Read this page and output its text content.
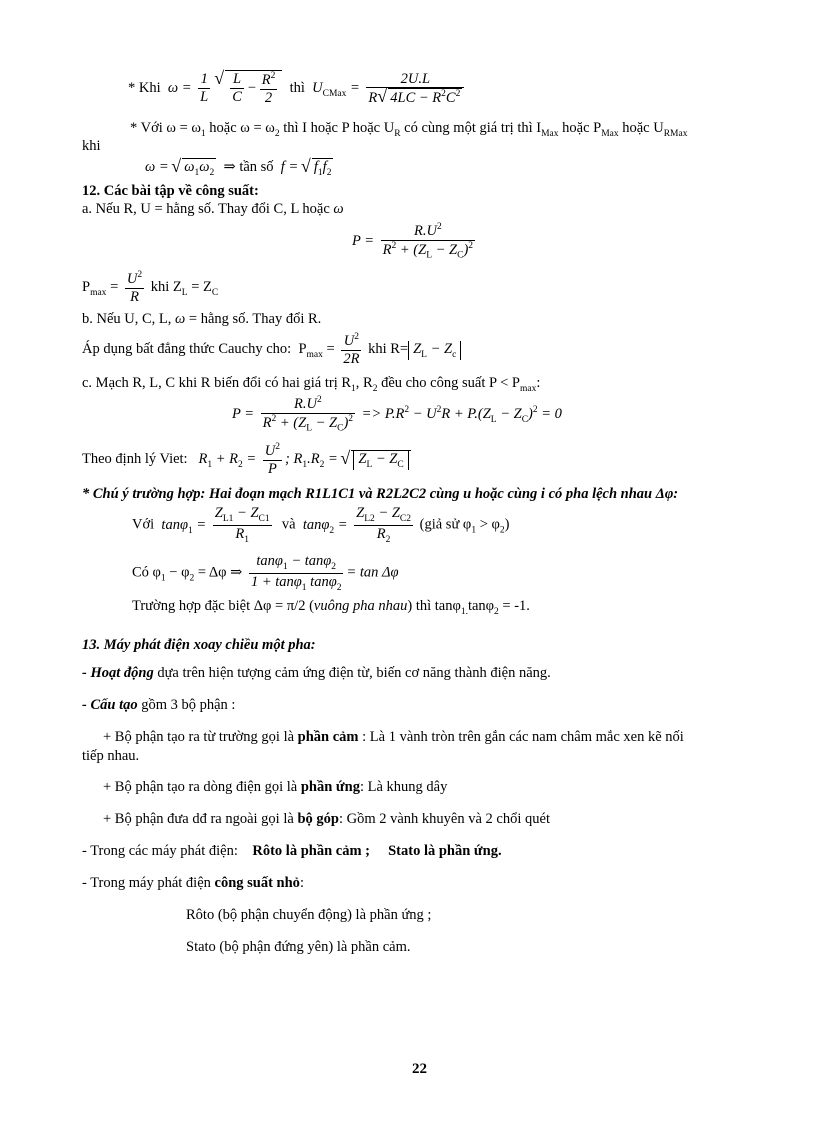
* Khi  $\omega = \frac{1}{L}$ √ $\frac{L}{C} - \frac{R^2}{2}$ thì  $U_{CMax} = \frac{2U.L}{R √ 4LC - R^2C^2}$
* Với $\omega = \omega_1$ hoặc $\omega = \omega_2$ thì I hoặc P hoặc $U_R$ có cùng một giá trị thì $I_{Max}$ hoặc $P_{Max}$ hoặc $U_{RMax}$
khi
ω = √ $\omega_1\omega_2$  ⇒ tần số  f = √ $f_1f_2$
12. Các bài tập về công suất:
a. Nếu R, U = hằng số. Thay đổi C, L hoặc ω
$P = \frac{R.U^2}{R^2 + (Z_L - Z_C)^2}$
$P_{max} = \frac{U^2}{R}$ khi $Z_L = Z_C$
b. Nếu U, C, L, ω = hằng số. Thay đổi R.
Áp dụng bất đẳng thức Cauchy cho: $P_{max} = \frac{U^2}{2R}$ khi $R= Z_L - Z_c$
c. Mạch R, L, C khi R biến đổi có hai giá trị $R_1$, $R_2$ đều cho công suất $P < P_{max}$:
$P = \frac{R.U^2}{R^2 + (Z_L - Z_C)^2} => P.R^2 - U^2R + P.(Z_L - Z_C)^2 = 0$
Theo định lý Viet:   $R_1 + R_2 = \frac{U^2}{P}$ ; $R_1.R_2$ = √ $Z_L - Z_C$
* Chú ý trường hợp: Hai đoạn mạch R1L1C1 và R2L2C2 cùng u hoặc cùng i có pha lệch nhau Δφ:
Với  $\tan\varphi_1 = \frac{Z_{L1} - Z_{C1}}{R_1}$ và  $\tan\varphi_2 = \frac{Z_{L2} - Z_{C2}}{R_2}$ (giả sử $\varphi_1 > \varphi_2$)
Có $\varphi_1 - \varphi_2 = \Delta\varphi$ ⇒ $\frac{\tan\varphi_1 - \tan\varphi_2}{1 + \tan\varphi_1 \tan\varphi_2} = \tan \Delta\varphi$
Trường hợp đặc biệt Δφ = π/2 (vuông pha nhau) thì tanφ$_{1.}$tanφ$_2$ = -1.
13. Máy phát điện xoay chiều một pha:
- Hoạt động dựa trên hiện tượng cảm ứng điện từ, biến cơ năng thành điện năng.
- Cấu tạo gồm 3 bộ phận :
+ Bộ phận tạo ra từ trường gọi là phần cảm : Là 1 vành tròn trên gắn các nam châm mắc xen kẽ nối
tiếp nhau.
+ Bộ phận tạo ra dòng điện gọi là phần ứng: Là khung dây
+ Bộ phận đưa dđ ra ngoài gọi là bộ góp: Gồm 2 vành khuyên và 2 chổi quét
- Trong các máy phát điện: Rôto là phần cảm ; Stato là phần ứng.
- Trong máy phát điện công suất nhỏ:
Rôto (bộ phận chuyển động) là phần ứng ;
Stato (bộ phận đứng yên) là phần cảm.
22
